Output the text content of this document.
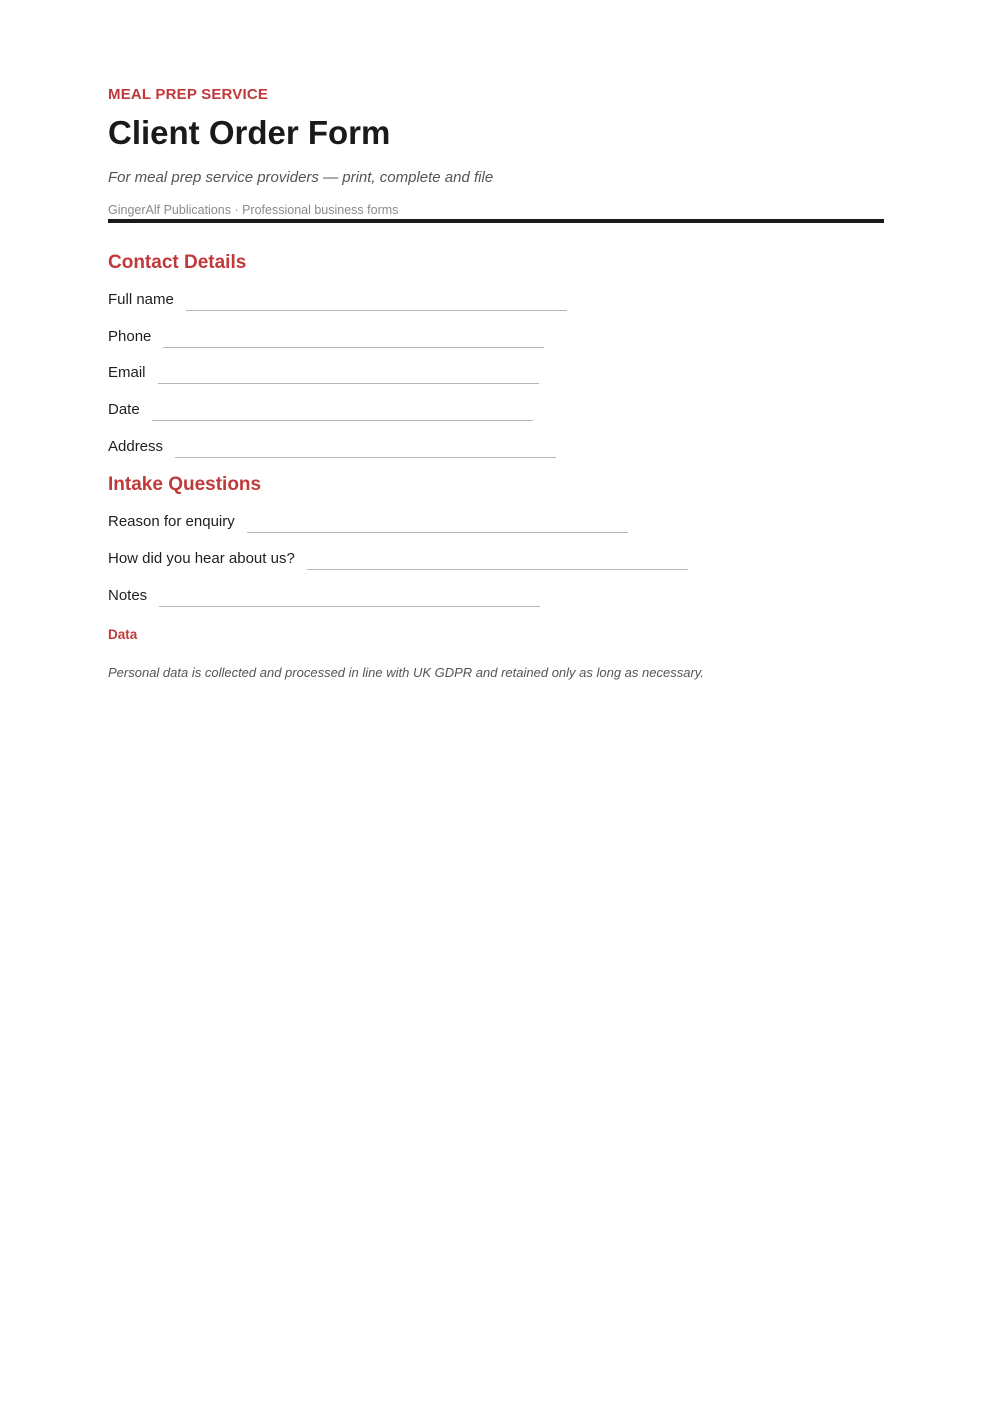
MEAL PREP SERVICE
Client Order Form
For meal prep service providers — print, complete and file
GingerAlf Publications · Professional business forms
Contact Details
Full name
Phone
Email
Date
Address
Intake Questions
Reason for enquiry
How did you hear about us?
Notes
Data
Personal data is collected and processed in line with UK GDPR and retained only as long as necessary.
